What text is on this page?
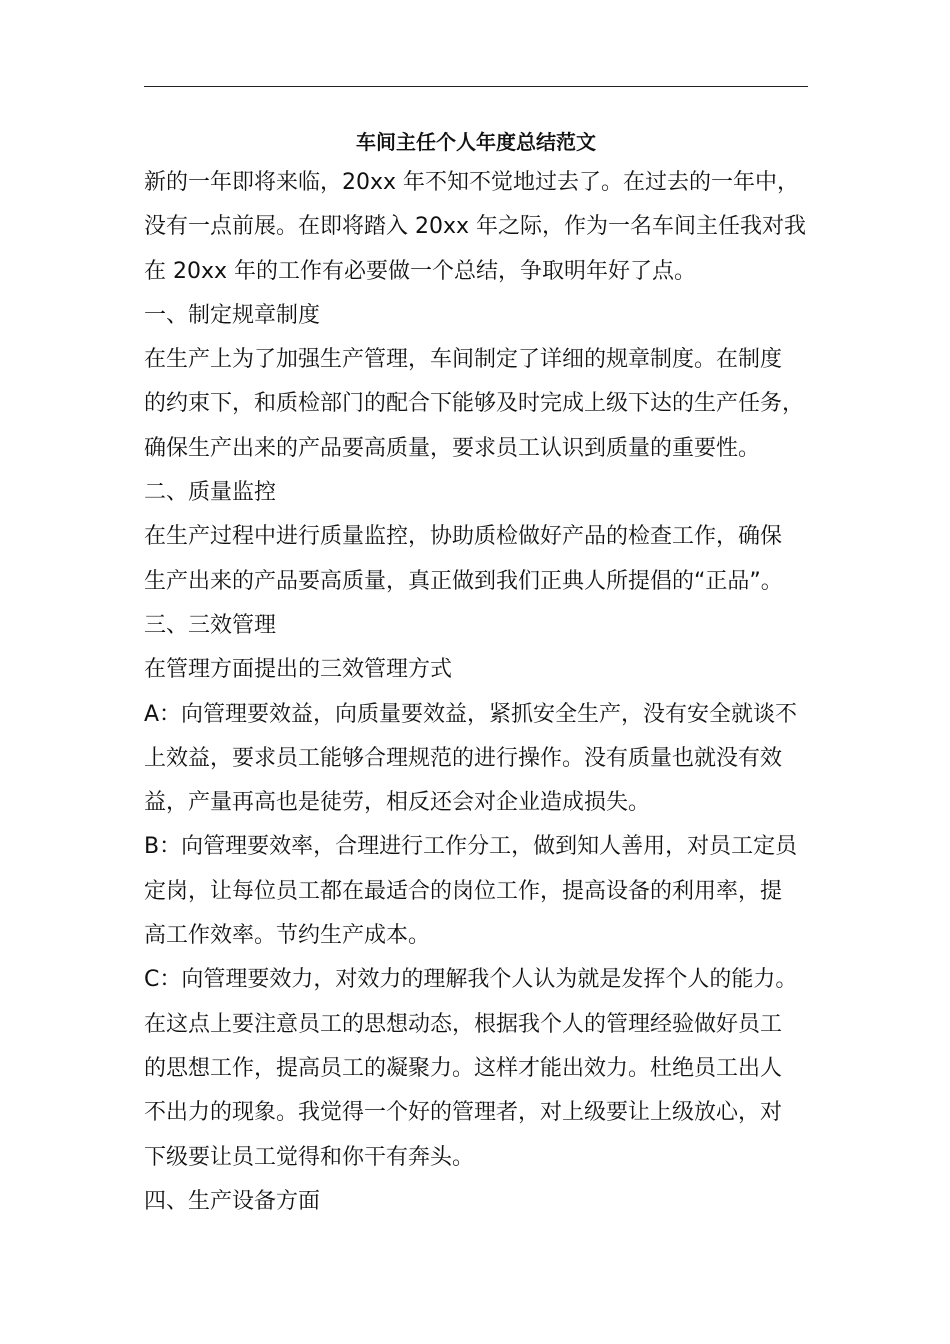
车间主任个人年度总结范文
新的一年即将来临，20xx 年不知不觉地过去了。在过去的一年中，
没有一点前展。在即将踏入 20xx 年之际，作为一名车间主任我对我
在 20xx 年的工作有必要做一个总结，争取明年好了点。
一、制定规章制度
在生产上为了加强生产管理，车间制定了详细的规章制度。在制度
的约束下，和质检部门的配合下能够及时完成上级下达的生产任务，
确保生产出来的产品要高质量，要求员工认识到质量的重要性。
二、质量监控
在生产过程中进行质量监控，协助质检做好产品的检查工作，确保
生产出来的产品要高质量，真正做到我们正典人所提倡的“正品”。
三、三效管理
在管理方面提出的三效管理方式
A：向管理要效益，向质量要效益，紧抓安全生产，没有安全就谈不
上效益，要求员工能够合理规范的进行操作。没有质量也就没有效
益，产量再高也是徒劳，相反还会对企业造成损失。
B：向管理要效率，合理进行工作分工，做到知人善用，对员工定员
定岗，让每位员工都在最适合的岗位工作，提高设备的利用率，提
高工作效率。节约生产成本。
C：向管理要效力，对效力的理解我个人认为就是发挥个人的能力。
在这点上要注意员工的思想动态，根据我个人的管理经验做好员工
的思想工作，提高员工的凝聚力。这样才能出效力。杜绝员工出人
不出力的现象。我觉得一个好的管理者，对上级要让上级放心，对
下级要让员工觉得和你干有奔头。
四、生产设备方面
